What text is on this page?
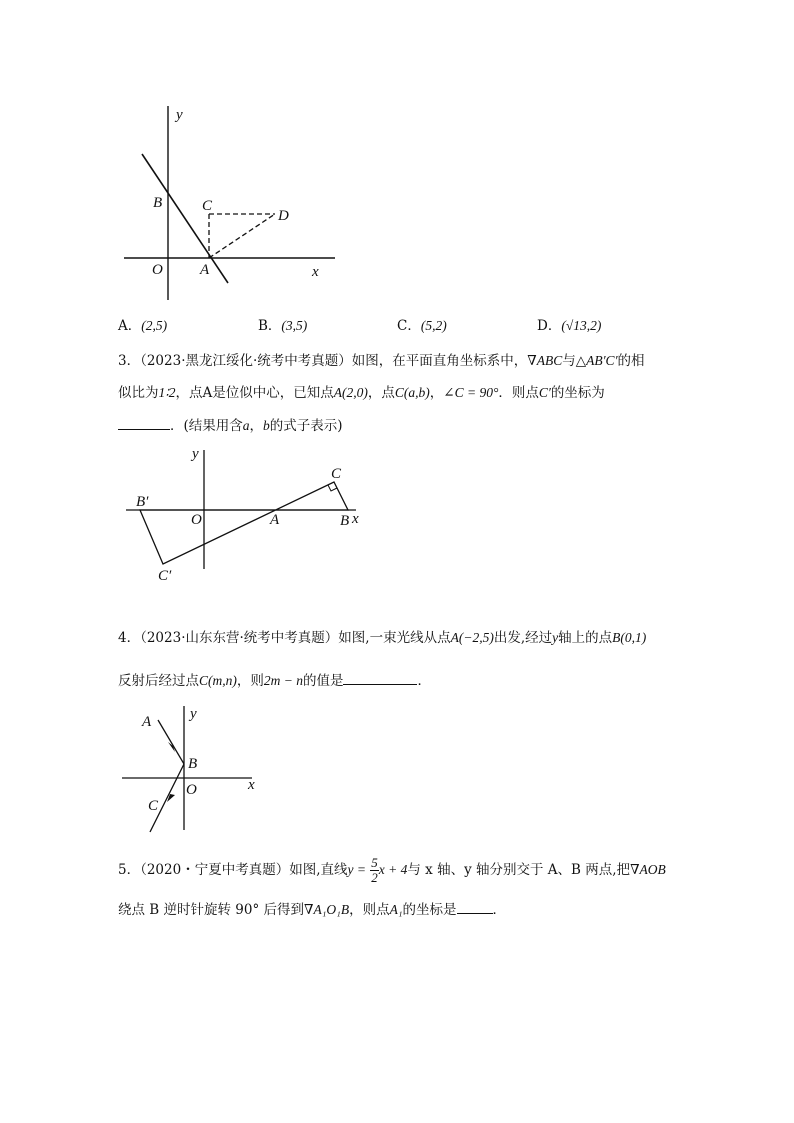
y
x
B	C
D
O A
A．(2,5)	B．(3,5)	C．(5,2)	D．(√13,2)
3．（2023·黑龙江绥化·统考中考真题）如图，在平面直角坐标系中，∇ABC与△AB′C′的相
似比为1∶2，点A是位似中心，已知点A(2,0)，点C(a,b)，∠C = 90°．则点C′的坐标为
．(结果用含a，b的式子表示)
y
C
B′
O	A	B x
C′
4．（2023·山东东营·统考中考真题）如图,一束光线从点A(−2,5)出发,经过y轴上的点B(0,1)
反射后经过点C(m,n)，则2m − n的值是	．
A	y
B
x
C
O
5．（2020・宁夏中考真题）如图,直线$y = \frac{5}{2}$ x + 4与 x 轴、y 轴分别交于 A、B 两点,把∇AOB
绕点 B 逆时针旋转 90° 后得到∇A₁O₁B，则点A₁的坐标是	．
